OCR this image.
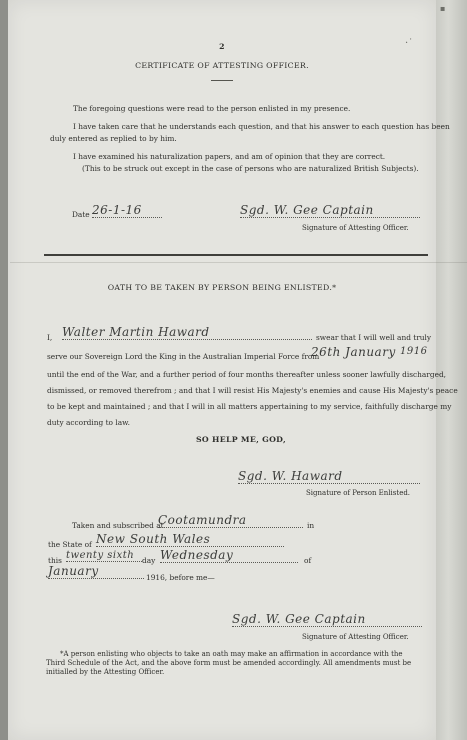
·˙
▪
2
CERTIFICATE OF ATTESTING OFFICER.
The foregoing questions were read to the person enlisted in my presence.
I have taken care that he understands each question, and that his answer to each question has been
duly entered as replied to by him.
I have examined his naturalization papers, and am of opinion that they are correct.
(This to be struck out except in the case of persons who are naturalized British Subjects).
Date 26-1-16	Sgd. W. Gee Captain
Signature of Attesting Officer.
OATH TO BE TAKEN BY PERSON BEING ENLISTED.*
I, Walter Martin Haward	swear that I will well and truly
serve our Sovereign Lord the King in the Australian Imperial Force from
26th January 1916
until the end of the War, and a further period of four months thereafter unless sooner lawfully discharged,
dismissed, or removed therefrom ; and that I will resist His Majesty's enemies and cause His Majesty's peace
to be kept and maintained ; and that I will in all matters appertaining to my service, faithfully discharge my
duty according to law.
SO HELP ME, GOD,
Sgd. W. Haward
Signature of Person Enlisted.
Taken and subscribed at
Cootamundra	in
the State of New South Wales
this twenty sixth	day Wednesday	of
January	1916, before me—
Sgd. W. Gee Captain
Signature of Attesting Officer.
*A person enlisting who objects to take an oath may make an affirmation in accordance with the
Third Schedule of the Act, and the above form must be amended accordingly. All amendments must be
initialled by the Attesting Officer.
